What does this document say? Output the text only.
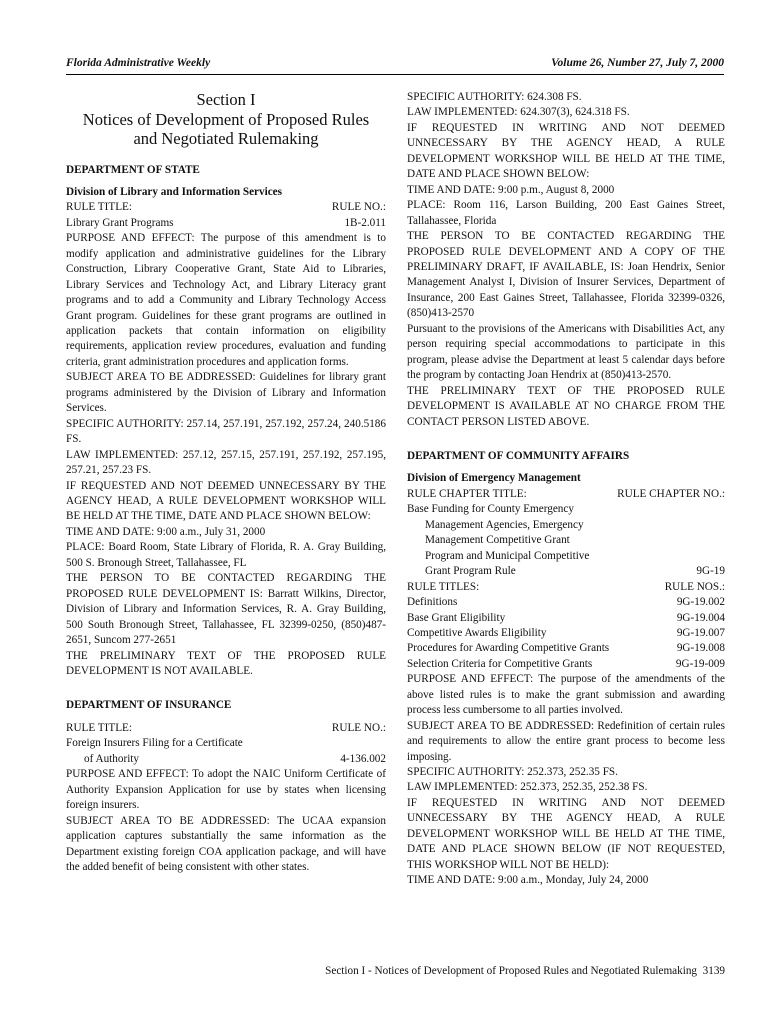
Florida Administrative Weekly	Volume 26, Number 27, July 7, 2000
Section I
Notices of Development of Proposed Rules
and Negotiated Rulemaking

DEPARTMENT OF STATE

Division of Library and Information Services

RULE TITLE:	RULE NO.:
Library Grant Programs	1B-2.011

PURPOSE AND EFFECT: The purpose of this amendment is to modify application and administrative guidelines for the Library Construction, Library Cooperative Grant, State Aid to Libraries, Library Services and Technology Act, and Library Literacy grant programs and to add a Community and Library Technology Access Grant program. Guidelines for these grant programs are outlined in application packets that contain information on eligibility requirements, application review procedures, evaluation and funding criteria, grant administration procedures and application forms.

SUBJECT AREA TO BE ADDRESSED: Guidelines for library grant programs administered by the Division of Library and Information Services.

SPECIFIC AUTHORITY: 257.14, 257.191, 257.192, 257.24, 240.5186 FS.

LAW IMPLEMENTED: 257.12, 257.15, 257.191, 257.192, 257.195, 257.21, 257.23 FS.

IF REQUESTED AND NOT DEEMED UNNECESSARY BY THE AGENCY HEAD, A RULE DEVELOPMENT WORKSHOP WILL BE HELD AT THE TIME, DATE AND PLACE SHOWN BELOW:

TIME AND DATE: 9:00 a.m., July 31, 2000

PLACE: Board Room, State Library of Florida, R. A. Gray Building, 500 S. Bronough Street, Tallahassee, FL

THE PERSON TO BE CONTACTED REGARDING THE PROPOSED RULE DEVELOPMENT IS: Barratt Wilkins, Director, Division of Library and Information Services, R. A. Gray Building, 500 South Bronough Street, Tallahassee, FL 32399-0250, (850)487-2651, Suncom 277-2651

THE PRELIMINARY TEXT OF THE PROPOSED RULE DEVELOPMENT IS NOT AVAILABLE.

DEPARTMENT OF INSURANCE

RULE TITLE:	RULE NO.:
Foreign Insurers Filing for a Certificate
of Authority	4-136.002

PURPOSE AND EFFECT: To adopt the NAIC Uniform Certificate of Authority Expansion Application for use by states when licensing foreign insurers.

SUBJECT AREA TO BE ADDRESSED: The UCAA expansion application captures substantially the same information as the Department existing foreign COA application package, and will have the added benefit of being consistent with other states.

SPECIFIC AUTHORITY: 624.308 FS.

LAW IMPLEMENTED: 624.307(3), 624.318 FS.

IF REQUESTED IN WRITING AND NOT DEEMED UNNECESSARY BY THE AGENCY HEAD, A RULE DEVELOPMENT WORKSHOP WILL BE HELD AT THE TIME, DATE AND PLACE SHOWN BELOW:

TIME AND DATE: 9:00 p.m., August 8, 2000

PLACE: Room 116, Larson Building, 200 East Gaines Street, Tallahassee, Florida

THE PERSON TO BE CONTACTED REGARDING THE PROPOSED RULE DEVELOPMENT AND A COPY OF THE PRELIMINARY DRAFT, IF AVAILABLE, IS: Joan Hendrix, Senior Management Analyst I, Division of Insurer Services, Department of Insurance, 200 East Gaines Street, Tallahassee, Florida 32399-0326, (850)413-2570

Pursuant to the provisions of the Americans with Disabilities Act, any person requiring special accommodations to participate in this program, please advise the Department at least 5 calendar days before the program by contacting Joan Hendrix at (850)413-2570.

THE PRELIMINARY TEXT OF THE PROPOSED RULE DEVELOPMENT IS AVAILABLE AT NO CHARGE FROM THE CONTACT PERSON LISTED ABOVE.

DEPARTMENT OF COMMUNITY AFFAIRS

Division of Emergency Management

RULE CHAPTER TITLE:	RULE CHAPTER NO.:
Base Funding for County Emergency
Management Agencies, Emergency
Management Competitive Grant
Program and Municipal Competitive
Grant Program Rule	9G-19
RULE TITLES:	RULE NOS.:
Definitions	9G-19.002
Base Grant Eligibility	9G-19.004
Competitive Awards Eligibility	9G-19.007
Procedures for Awarding Competitive Grants	9G-19.008
Selection Criteria for Competitive Grants	9G-19-009

PURPOSE AND EFFECT: The purpose of the amendments of the above listed rules is to make the grant submission and awarding process less cumbersome to all parties involved.

SUBJECT AREA TO BE ADDRESSED: Redefinition of certain rules and requirements to allow the entire grant process to become less imposing.

SPECIFIC AUTHORITY: 252.373, 252.35 FS.

LAW IMPLEMENTED: 252.373, 252.35, 252.38 FS.

IF REQUESTED IN WRITING AND NOT DEEMED UNNECESSARY BY THE AGENCY HEAD, A RULE DEVELOPMENT WORKSHOP WILL BE HELD AT THE TIME, DATE AND PLACE SHOWN BELOW (IF NOT REQUESTED, THIS WORKSHOP WILL NOT BE HELD):

TIME AND DATE: 9:00 a.m., Monday, July 24, 2000

Section I - Notices of Development of Proposed Rules and Negotiated Rulemaking 3139
